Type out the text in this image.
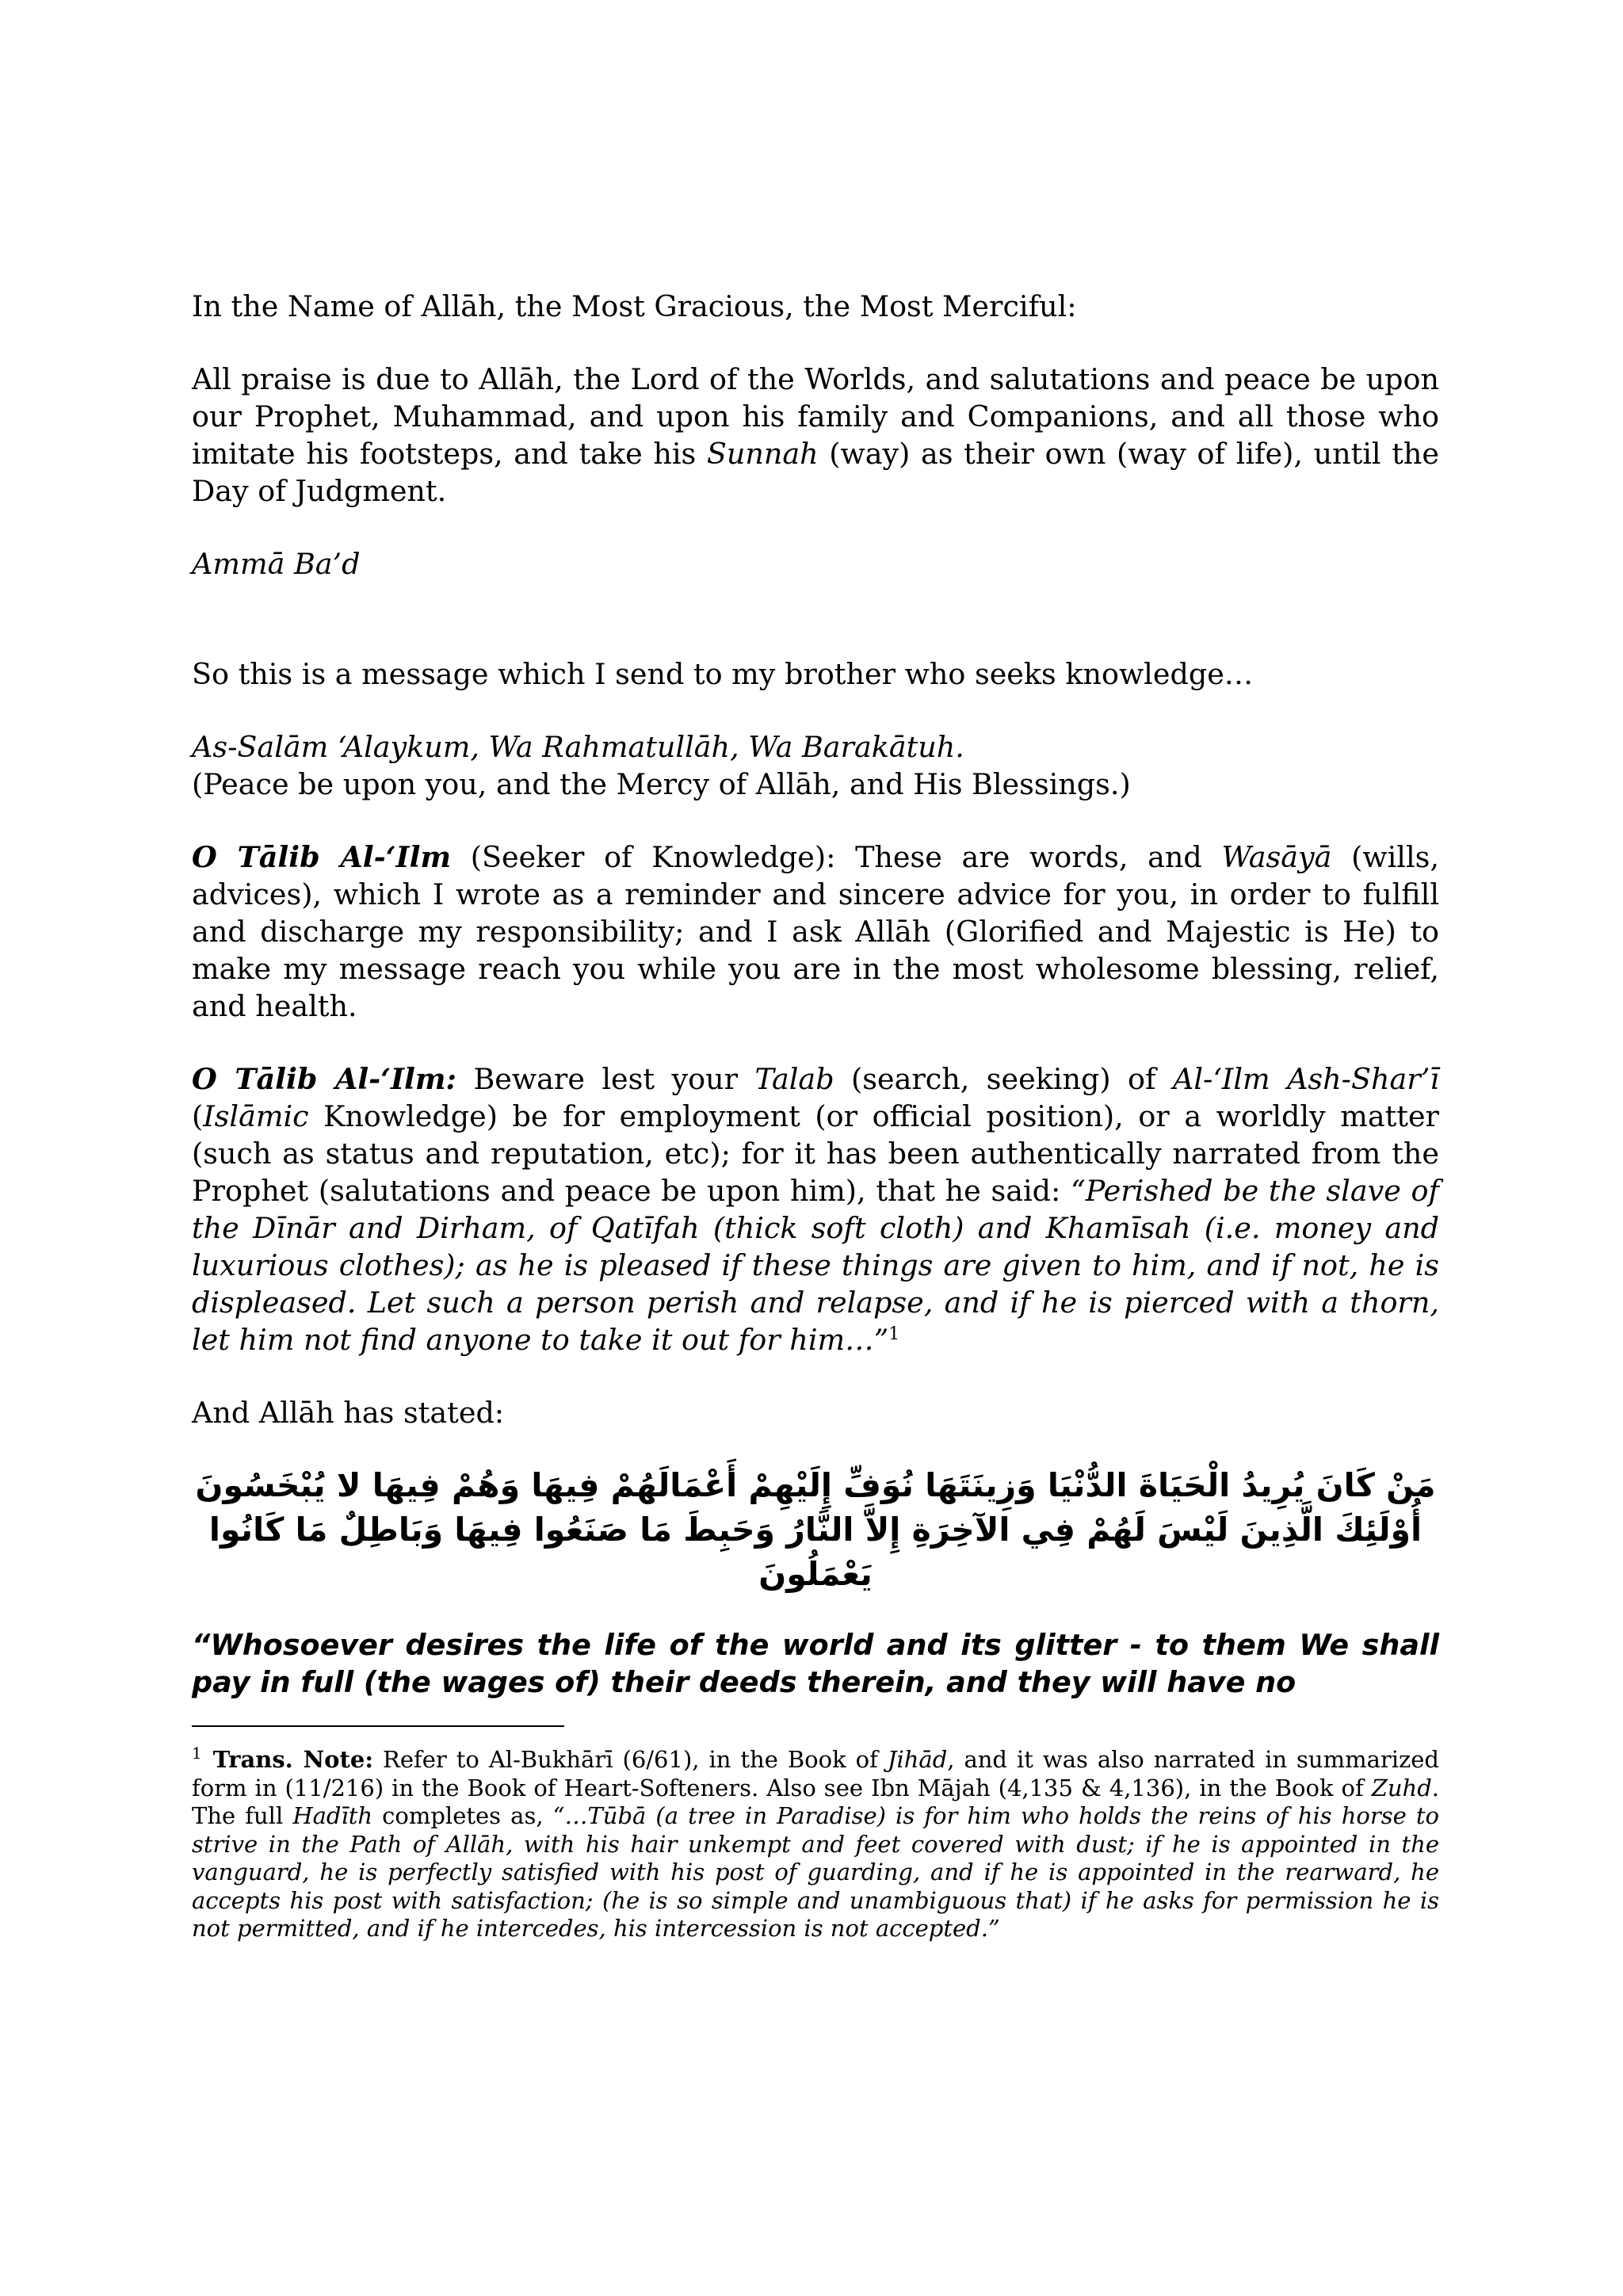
In the Name of Allāh, the Most Gracious, the Most Merciful:

All praise is due to Allāh, the Lord of the Worlds, and salutations and peace be upon our Prophet, Muhammad, and upon his family and Companions, and all those who imitate his footsteps, and take his Sunnah (way) as their own (way of life), until the Day of Judgment.

Ammā Ba’d

So this is a message which I send to my brother who seeks knowledge…

As-Salām ‘Alaykum, Wa Rahmatullāh, Wa Barakātuh.
(Peace be upon you, and the Mercy of Allāh, and His Blessings.)

O Tālib Al-‘Ilm (Seeker of Knowledge): These are words, and Wasāyā (wills, advices), which I wrote as a reminder and sincere advice for you, in order to fulfill and discharge my responsibility; and I ask Allāh (Glorified and Majestic is He) to make my message reach you while you are in the most wholesome blessing, relief, and health.

O Tālib Al-‘Ilm: Beware lest your Talab (search, seeking) of Al-‘Ilm Ash-Shar’ī (Islāmic Knowledge) be for employment (or official position), or a worldly matter (such as status and reputation, etc); for it has been authentically narrated from the Prophet (salutations and peace be upon him), that he said: “Perished be the slave of the Dīnār and Dirham, of Qatīfah (thick soft cloth) and Khamīsah (i.e. money and luxurious clothes); as he is pleased if these things are given to him, and if not, he is displeased. Let such a person perish and relapse, and if he is pierced with a thorn, let him not find anyone to take it out for him…”$^1$

And Allāh has stated:

مَنْ كَانَ يُرِيدُ الْحَيَاةَ الدُّنْيَا وَزِينَتَهَا نُوَفِّ إِلَيْهِمْ أَعْمَالَهُمْ فِيهَا وَهُمْ فِيهَا لا يُبْخَسُونَ
أُوْلَئِكَ الَّذِينَ لَيْسَ لَهُمْ فِي الآخِرَةِ إِلاَّ النَّارُ وَحَبِطَ مَا صَنَعُوا فِيهَا وَبَاطِلٌ مَا كَانُوا يَعْمَلُونَ

“Whosoever desires the life of the world and its glitter - to them We shall pay in full (the wages of) their deeds therein, and they will have no

$^1$ Trans. Note: Refer to Al-Bukhārī (6/61), in the Book of Jihād, and it was also narrated in summarized form in (11/216) in the Book of Heart-Softeners. Also see Ibn Mājah (4,135 & 4,136), in the Book of Zuhd. The full Hadīth completes as, “…Tūbā (a tree in Paradise) is for him who holds the reins of his horse to strive in the Path of Allāh, with his hair unkempt and feet covered with dust; if he is appointed in the vanguard, he is perfectly satisfied with his post of guarding, and if he is appointed in the rearward, he accepts his post with satisfaction; (he is so simple and unambiguous that) if he asks for permission he is not permitted, and if he intercedes, his intercession is not accepted.”
